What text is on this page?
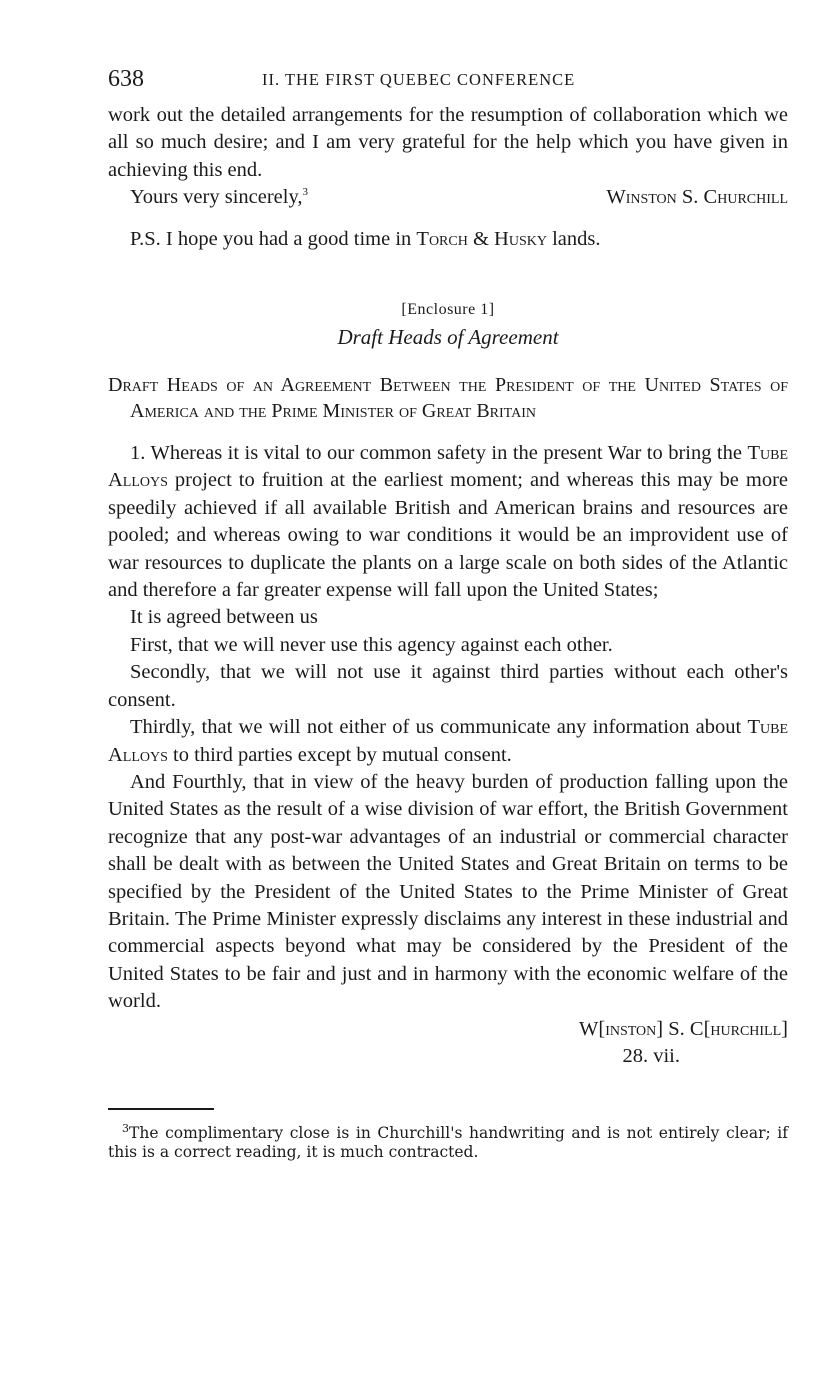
638	II. THE FIRST QUEBEC CONFERENCE

work out the detailed arrangements for the resumption of collaboration which we all so much desire; and I am very grateful for the help which you have given in achieving this end.

Yours very sincerely,$^3$	Winston S. Churchill

P.S. I hope you had a good time in Torch & Husky lands.

[Enclosure 1]
Draft Heads of Agreement
Draft Heads of an Agreement Between the President of the United States of America and the Prime Minister of Great Britain

1. Whereas it is vital to our common safety in the present War to bring the Tube Alloys project to fruition at the earliest moment; and whereas this may be more speedily achieved if all available British and American brains and resources are pooled; and whereas owing to war conditions it would be an improvident use of war resources to duplicate the plants on a large scale on both sides of the Atlantic and therefore a far greater expense will fall upon the United States;

It is agreed between us

First, that we will never use this agency against each other.

Secondly, that we will not use it against third parties without each other's consent.

Thirdly, that we will not either of us communicate any information about Tube Alloys to third parties except by mutual consent.

And Fourthly, that in view of the heavy burden of production falling upon the United States as the result of a wise division of war effort, the British Government recognize that any post-war advantages of an industrial or commercial character shall be dealt with as between the United States and Great Britain on terms to be specified by the President of the United States to the Prime Minister of Great Britain. The Prime Minister expressly disclaims any interest in these industrial and commercial aspects beyond what may be considered by the President of the United States to be fair and just and in harmony with the economic welfare of the world.

W[inston] S. C[hurchill]
28. vii.

$^3$The complimentary close is in Churchill's handwriting and is not entirely clear; if this is a correct reading, it is much contracted.
